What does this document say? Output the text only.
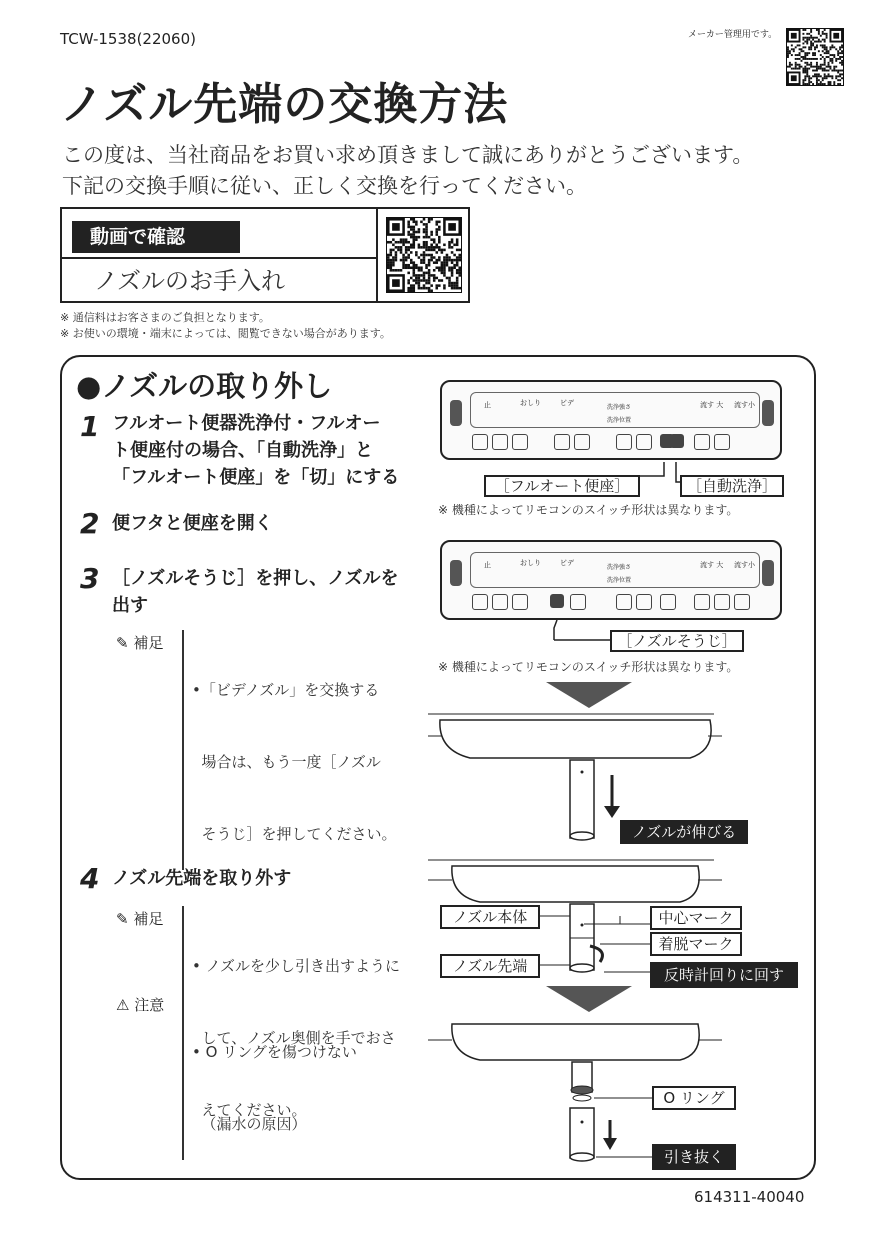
TCW-1538(22060)	メーカー管理用です。
ノズル先端の交換方法
この度は、当社商品をお買い求め頂きまして誠にありがとうございます。
下記の交換手順に従い、正しく交換を行ってください。
動画で確認
ノズルのお手入れ
※ 通信料はお客さまのご負担となります。
※ お使いの環境・端末によっては、閲覧できない場合があります。
●ノズルの取り外し
1 フルオート便器洗浄付・フルオー
ト便座付の場合、「自動洗浄」と
「フルオート便座」を「切」にする
2 便フタと便座を開く
3 ［ノズルそうじ］を押し、ノズルを
出す
✎ 補足

•「ビデノズル」を交換する

場合は、もう一度［ノズル

そうじ］を押してください。

4 ノズル先端を取り外す
✎ 補足

• ノズルを少し引き出すように

して、ノズル奥側を手でおさ

えてください。

⚠ 注意

• O リングを傷つけない

（漏水の原因）

止	おしり	ビデ
洗浄強さ
洗浄位置
流す 大 流す小
［フルオート便座］	［自動洗浄］
※ 機種によってリモコンのスイッチ形状は異なります。
止	おしり	ビデ
洗浄強さ
洗浄位置
流す 大 流す小
［ノズルそうじ］
※ 機種によってリモコンのスイッチ形状は異なります。
ノズルが伸びる
ノズル本体
ノズル先端
中心マーク
着脱マーク
反時計回りに回す
O リング
引き抜く
614311-40040
